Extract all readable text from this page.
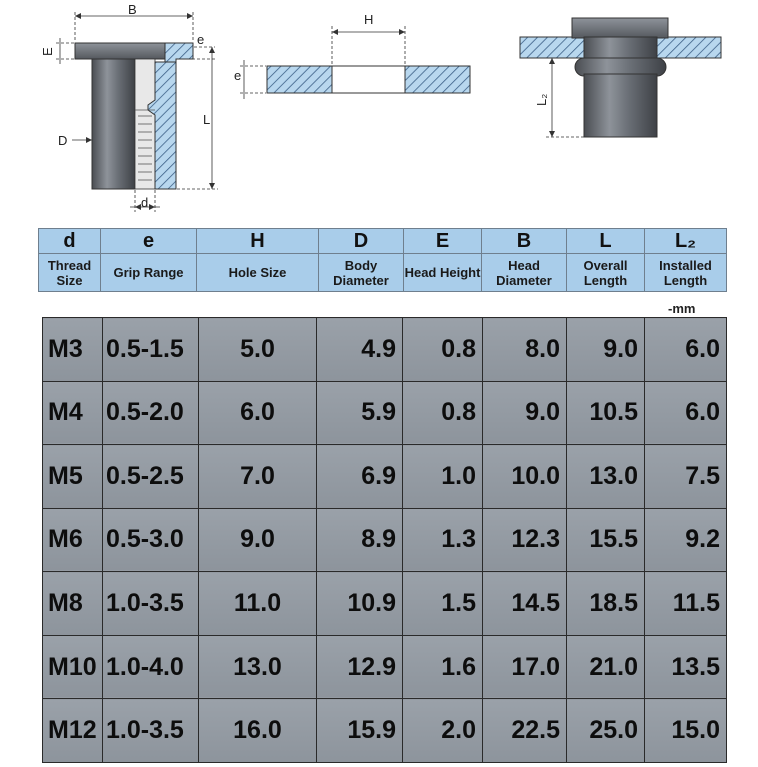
B
E
e
L
D
d
H
e
L₂
d	e	H	D	E	B	L	L₂
Thread Size	Grip Range	Hole Size	Body Diameter	Head Height	Head Diameter	Overall Length	Installed Length
-mm
M3	0.5-1.5	5.0	4.9	0.8	8.0	9.0	6.0
M4	0.5-2.0	6.0	5.9	0.8	9.0	10.5	6.0
M5	0.5-2.5	7.0	6.9	1.0	10.0	13.0	7.5
M6	0.5-3.0	9.0	8.9	1.3	12.3	15.5	9.2
M8	1.0-3.5	11.0	10.9	1.5	14.5	18.5	11.5
M10	1.0-4.0	13.0	12.9	1.6	17.0	21.0	13.5
M12	1.0-3.5	16.0	15.9	2.0	22.5	25.0	15.0
